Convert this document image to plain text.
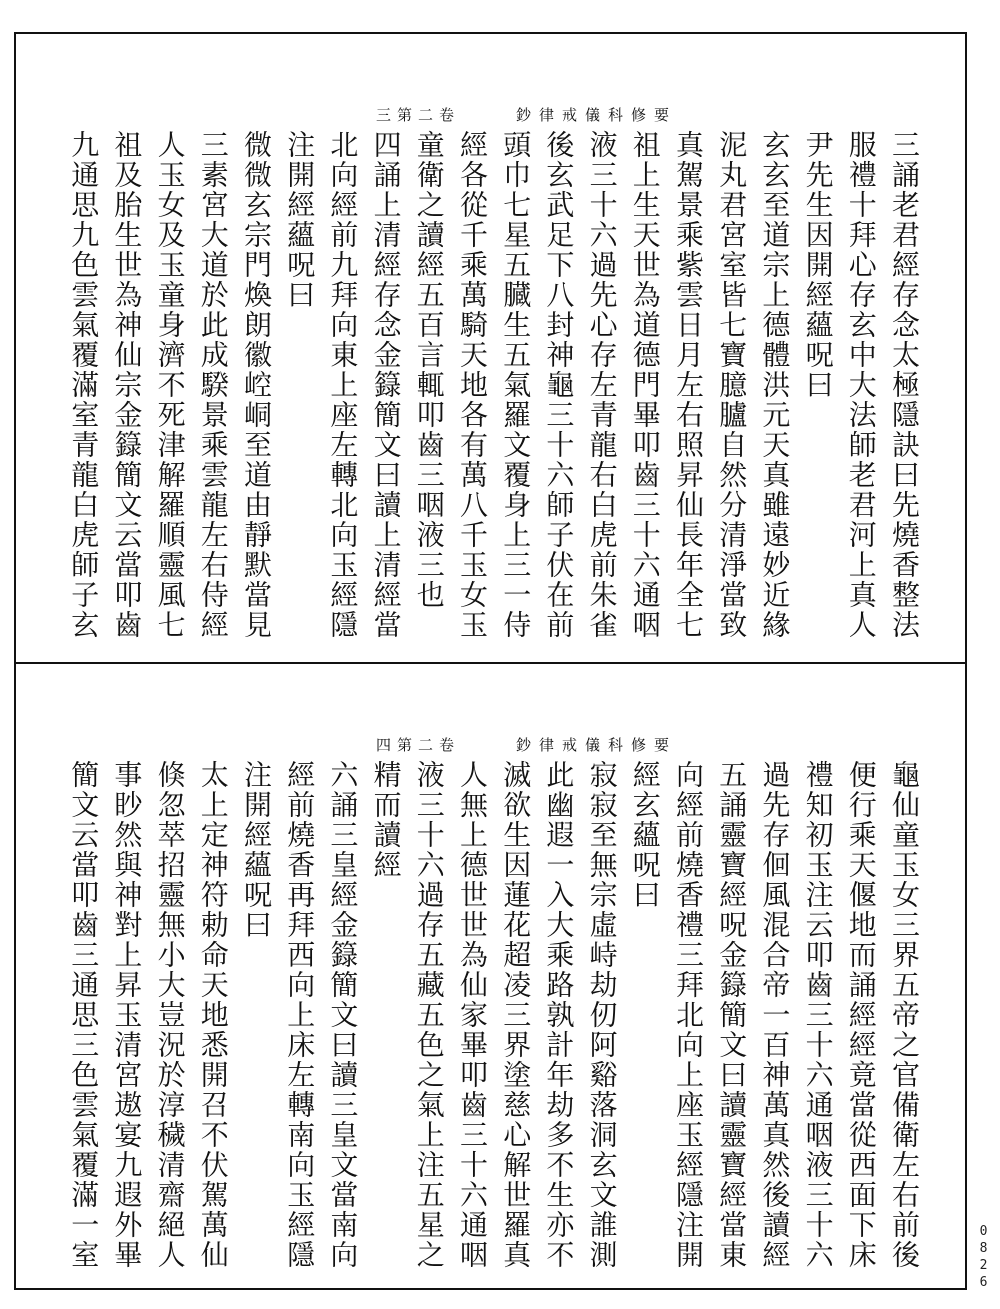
要修科儀戒律鈔
卷二第三
三誦老君經存念太極隱訣曰先燒香整法
服禮十拜心存玄中大法師老君河上真人
尹先生因開經蘊呪曰
玄玄至道宗上德體洪元天真雖遠妙近緣
泥丸君宮室皆七寶臆臚自然分清淨當致
真駕景乘紫雲日月左右照昇仙長年全七
祖上生天世為道德門畢叩齒三十六通咽
液三十六過先心存左青龍右白虎前朱雀
後玄武足下八封神龜三十六師子伏在前
頭巾七星五臓生五氣羅文覆身上三一侍
經各從千乘萬騎天地各有萬八千玉女玉
童衛之讀經五百言輒叩齒三咽液三也
四誦上清經存念金籙簡文曰讀上清經當
北向經前九拜向東上座左轉北向玉經隱
注開經蘊呪曰
微微玄宗門煥朗徽崆峒至道由靜默當見
三素宮大道於此成騤景乘雲龍左右侍經
人玉女及玉童身濟不死津解羅順靈風七
祖及胎生世為神仙宗金籙簡文云當叩齒
九通思九色雲氣覆滿室青龍白虎師子玄
要修科儀戒律鈔
卷二第四
龜仙童玉女三界五帝之官備衛左右前後
便行乘天偃地而誦經經竟當從西面下床
禮知初玉注云叩齒三十六通咽液三十六
過先存佪風混合帝一百神萬真然後讀經
五誦靈寶經呪金籙簡文曰讀靈寶經當東
向經前燒香禮三拜北向上座玉經隱注開
經玄蘊呪曰
寂寂至無宗虛峙劫仞阿谿落洞玄文誰測
此幽遐一入大乘路孰計年劫多不生亦不
滅欲生因蓮花超凌三界塗慈心解世羅真
人無上德世世為仙家畢叩齒三十六通咽
液三十六過存五藏五色之氣上注五星之
精而讀經
六誦三皇經金籙簡文曰讀三皇文當南向
經前燒香再拜西向上床左轉南向玉經隱
注開經蘊呪曰
太上定神符勅命天地悉開召不伏駕萬仙
倏忽萃招靈無小大豈況於淳穢清齋絕人
事眇然與神對上昇玉清宮遨宴九遐外畢
簡文云當叩齒三通思三色雲氣覆滿一室	0826
